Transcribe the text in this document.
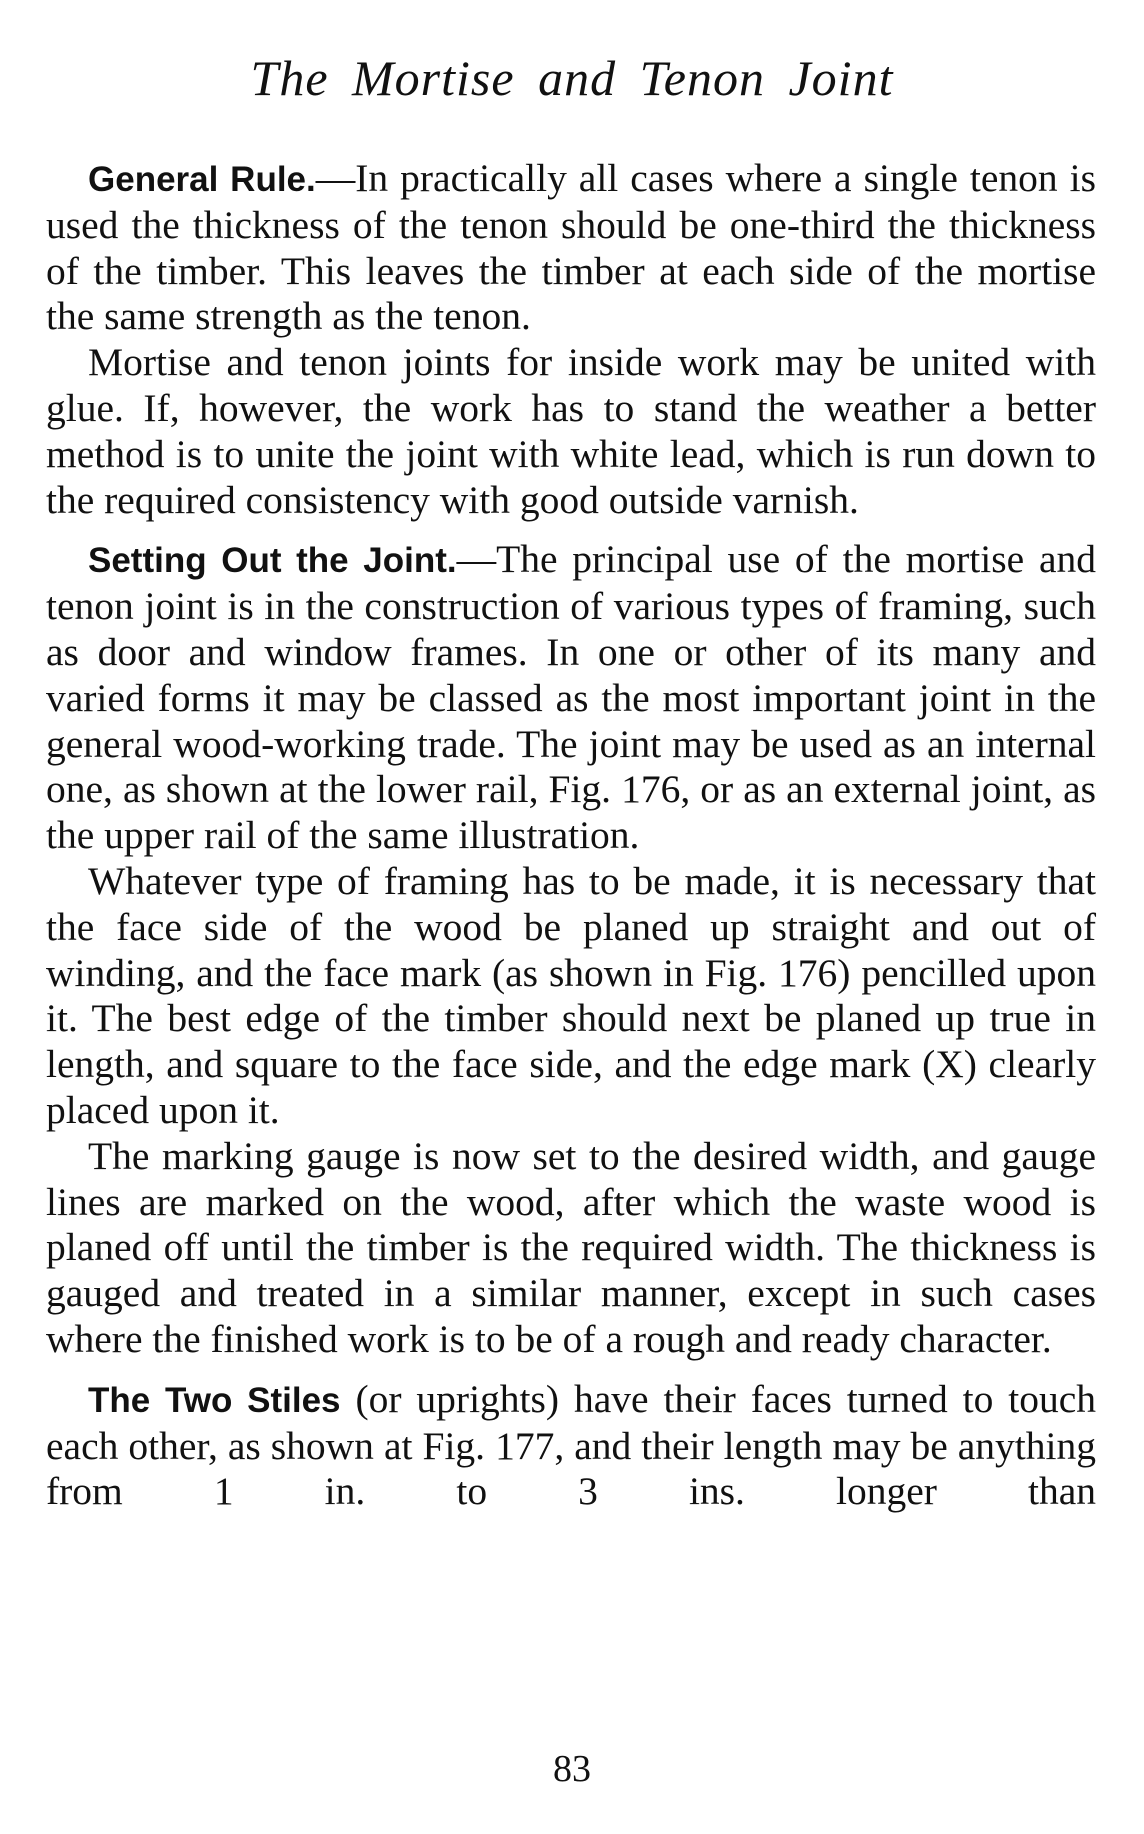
The Mortise and Tenon Joint

General Rule.—In practically all cases where a single tenon is used the thickness of the tenon should be one-third the thickness of the timber. This leaves the timber at each side of the mortise the same strength as the tenon.

Mortise and tenon joints for inside work may be united with glue. If, however, the work has to stand the weather a better method is to unite the joint with white lead, which is run down to the required consistency with good outside varnish.

Setting Out the Joint.—The principal use of the mortise and tenon joint is in the construction of various types of framing, such as door and window frames. In one or other of its many and varied forms it may be classed as the most important joint in the general wood-working trade. The joint may be used as an internal one, as shown at the lower rail, Fig. 176, or as an external joint, as the upper rail of the same illustration.

Whatever type of framing has to be made, it is necessary that the face side of the wood be planed up straight and out of winding, and the face mark (as shown in Fig. 176) pencilled upon it. The best edge of the timber should next be planed up true in length, and square to the face side, and the edge mark (X) clearly placed upon it.

The marking gauge is now set to the desired width, and gauge lines are marked on the wood, after which the waste wood is planed off until the timber is the required width. The thickness is gauged and treated in a similar manner, except in such cases where the finished work is to be of a rough and ready character.

The Two Stiles (or uprights) have their faces turned to touch each other, as shown at Fig. 177, and their length may be anything from 1 in. to 3 ins. longer than

83
